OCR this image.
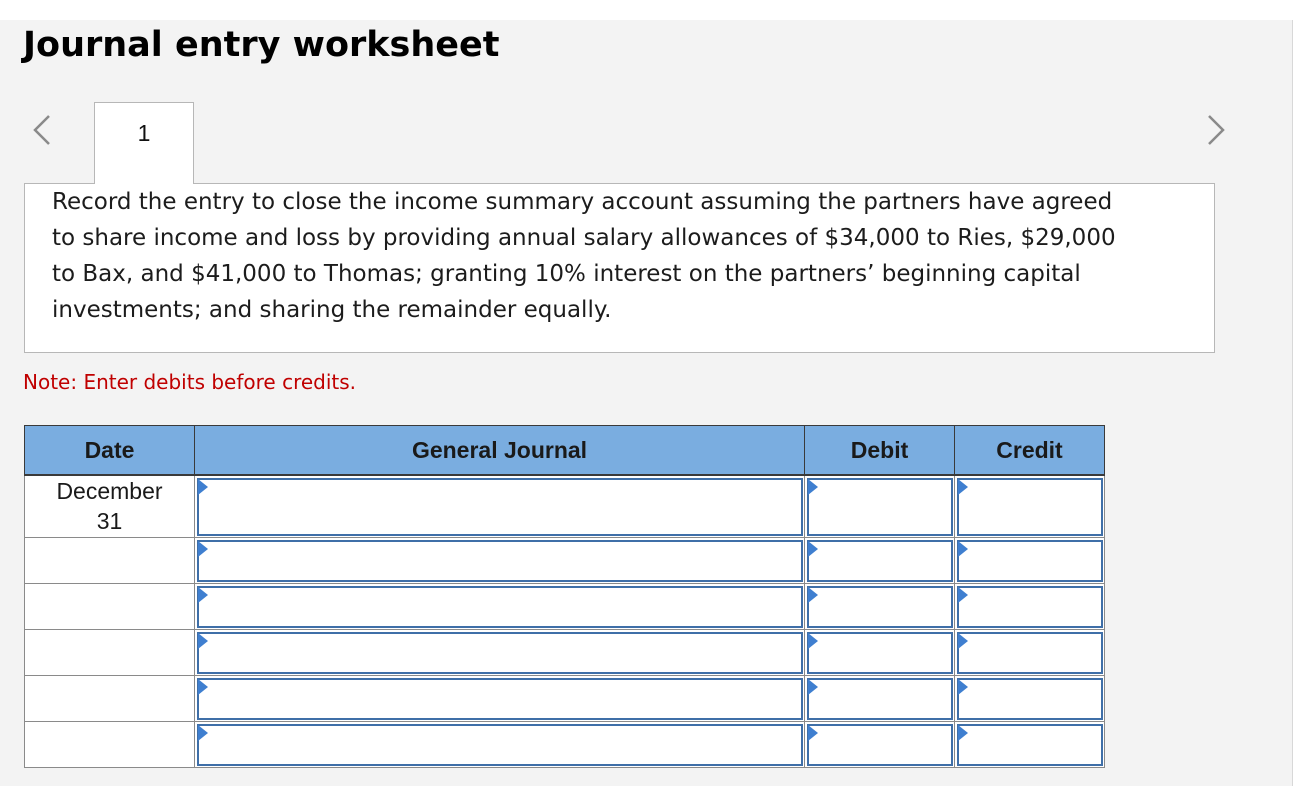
Journal entry worksheet
1

Record the entry to close the income summary account assuming the partners have agreed to share income and loss by providing annual salary allowances of $34,000 to Ries, $29,000 to Bax, and $41,000 to Thomas; granting 10% interest on the partners’ beginning capital investments; and sharing the remainder equally.

Note: Enter debits before credits.
Date	General Journal	Debit	Credit

December
31			
